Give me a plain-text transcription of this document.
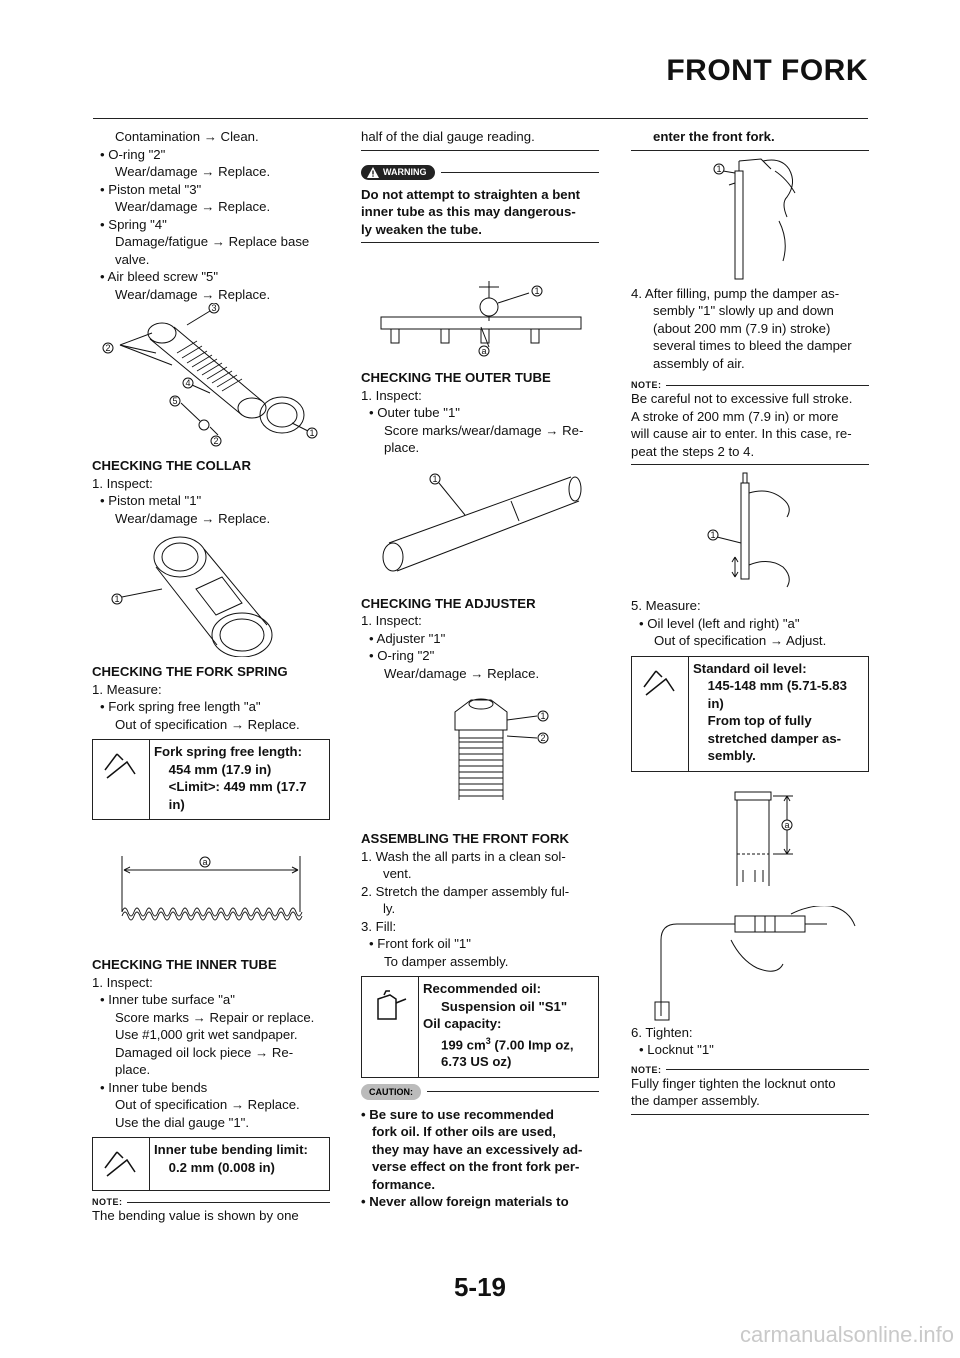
FRONT FORK
Contamination → Clean.
• O-ring "2"
Wear/damage → Replace.
• Piston metal "3"
Wear/damage → Replace.
• Spring "4"
Damage/fatigue → Replace base
valve.
• Air bleed screw "5"
Wear/damage → Replace.
3
2
4
5
2
1
CHECKING THE COLLAR
1. Inspect:
• Piston metal "1"
Wear/damage → Replace.
1
CHECKING THE FORK SPRING
1. Measure:
• Fork spring free length "a"
Out of specification → Replace.
Fork spring free length:
454 mm (17.9 in)
<Limit>: 449 mm (17.7
in)
a
CHECKING THE INNER TUBE
1. Inspect:
• Inner tube surface "a"
Score marks → Repair or replace.
Use #1,000 grit wet sandpaper.
Damaged oil lock piece → Re-
place.
• Inner tube bends
Out of specification → Replace.
Use the dial gauge "1".
Inner tube bending limit:
0.2 mm (0.008 in)
NOTE:
The bending value is shown by one
half of the dial gauge reading.
WARNING
Do not attempt to straighten a bent
inner tube as this may dangerous-
ly weaken the tube.
1
a
CHECKING THE OUTER TUBE
1. Inspect:
• Outer tube "1"
Score marks/wear/damage → Re-
place.
1
CHECKING THE ADJUSTER
1. Inspect:
• Adjuster "1"
• O-ring "2"
Wear/damage → Replace.
1
2
ASSEMBLING THE FRONT FORK
1. Wash the all parts in a clean sol-
vent.
2. Stretch the damper assembly ful-
ly.
3. Fill:
• Front fork oil "1"
To damper assembly.
Recommended oil:
Suspension oil "S1"
Oil capacity:
199 $cm^3$ (7.00 Imp oz,
6.73 US oz)
CAUTION:
• Be sure to use recommended
fork oil. If other oils are used,
they may have an excessively ad-
verse effect on the front fork per-
formance.
• Never allow foreign materials to
enter the front fork.
1
4. After filling, pump the damper as-
sembly "1" slowly up and down
(about 200 mm (7.9 in) stroke)
several times to bleed the damper
assembly of air.
NOTE:
Be careful not to excessive full stroke.
A stroke of 200 mm (7.9 in) or more
will cause air to enter. In this case, re-
peat the steps 2 to 4.
1
5. Measure:
• Oil level (left and right) "a"
Out of specification → Adjust.
Standard oil level:
145-148 mm (5.71-5.83
in)
From top of fully
stretched damper as-
sembly.
a
6. Tighten:
• Locknut "1"
NOTE:
Fully finger tighten the locknut onto
the damper assembly.
5-19
carmanualsonline.info
